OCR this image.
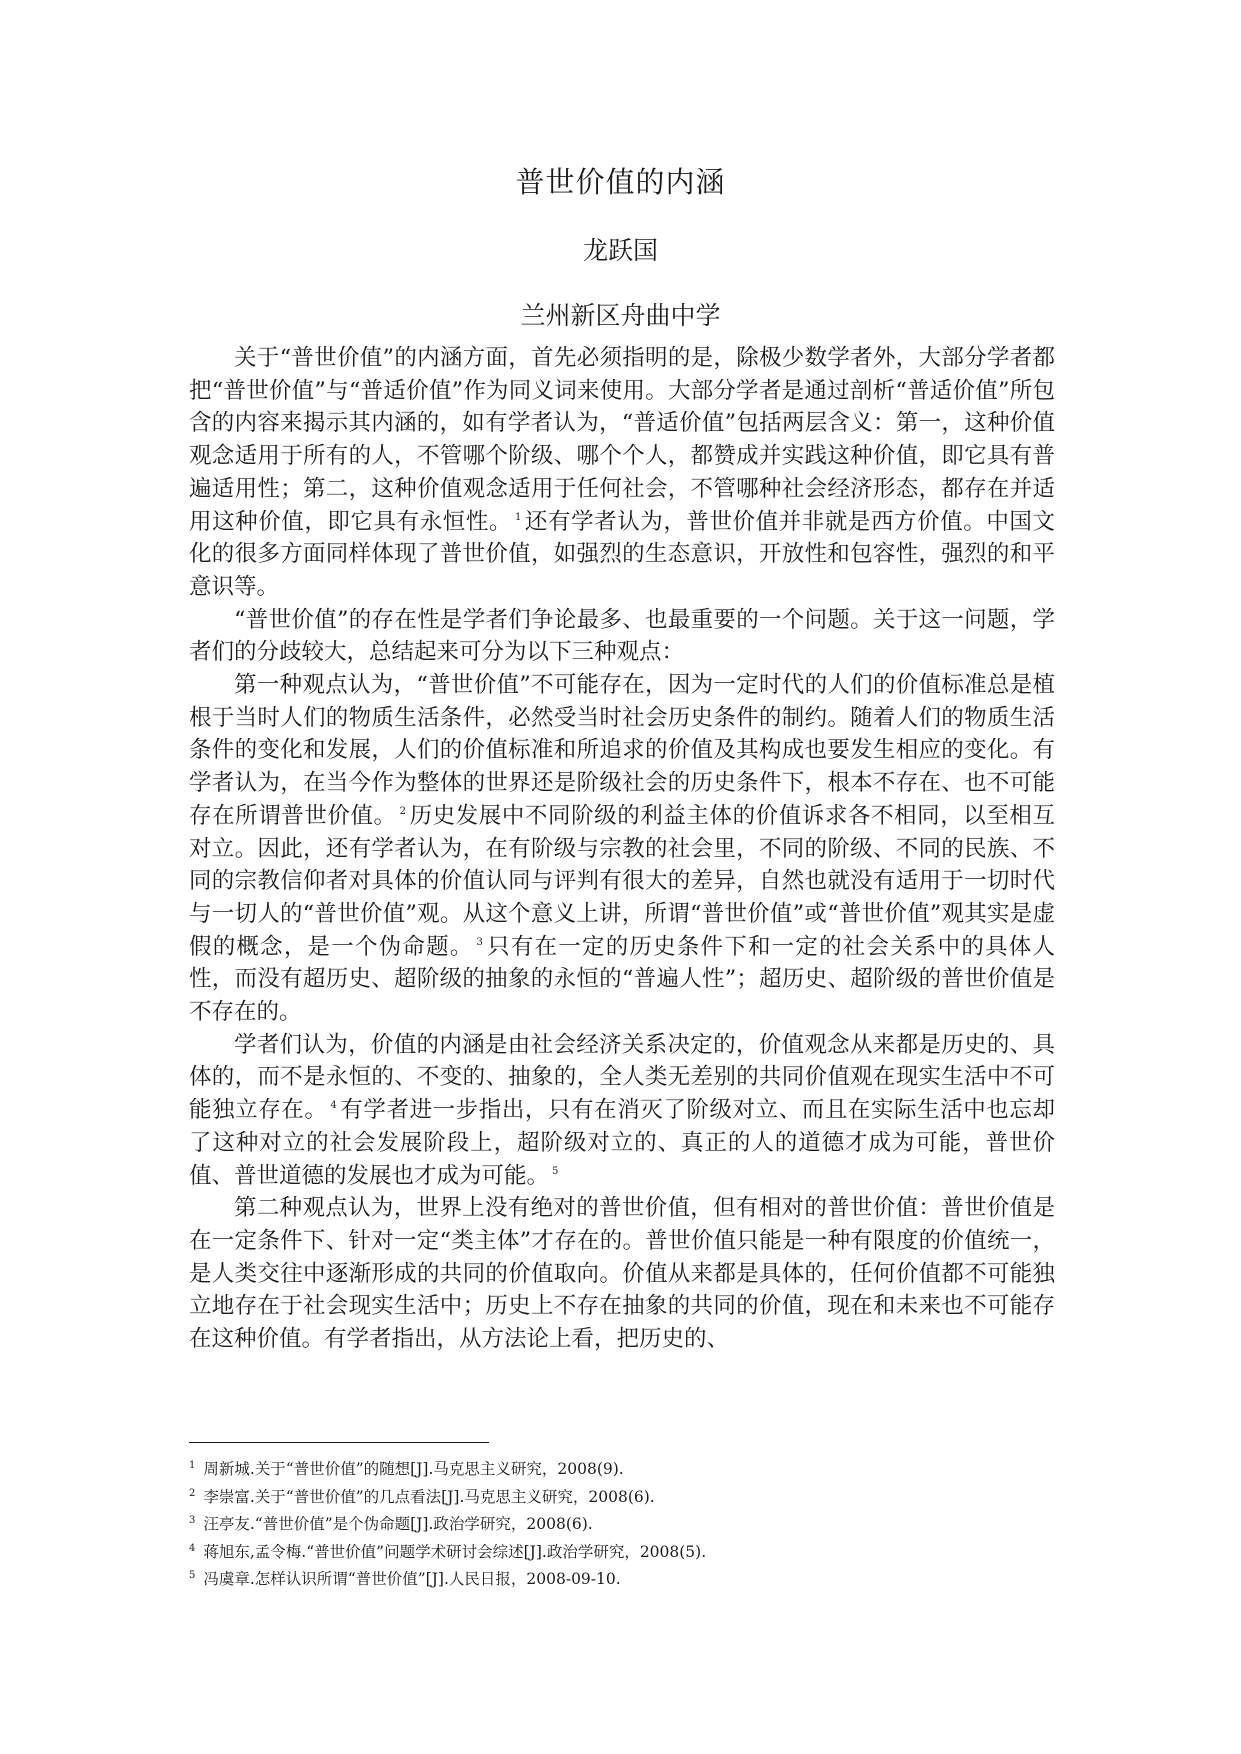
普世价值的内涵
龙跃国
兰州新区舟曲中学

关于“普世价值”的内涵方面，首先必须指明的是，除极少数学者外，大部分学者都把“普世价值”与“普适价值”作为同义词来使用。大部分学者是通过剖析“普适价值”所包含的内容来揭示其内涵的，如有学者认为，“普适价值”包括两层含义：第一，这种价值观念适用于所有的人，不管哪个阶级、哪个个人，都赞成并实践这种价值，即它具有普遍适用性；第二，这种价值观念适用于任何社会，不管哪种社会经济形态，都存在并适用这种价值，即它具有永恒性。 $^1$ 还有学者认为，普世价值并非就是西方价值。中国文化的很多方面同样体现了普世价值，如强烈的生态意识，开放性和包容性，强烈的和平意识等。

“普世价值”的存在性是学者们争论最多、也最重要的一个问题。关于这一问题，学者们的分歧较大，总结起来可分为以下三种观点：

第一种观点认为，“普世价值”不可能存在，因为一定时代的人们的价值标准总是植根于当时人们的物质生活条件，必然受当时社会历史条件的制约。随着人们的物质生活条件的变化和发展，人们的价值标准和所追求的价值及其构成也要发生相应的变化。有学者认为，在当今作为整体的世界还是阶级社会的历史条件下，根本不存在、也不可能存在所谓普世价值。 $^2$ 历史发展中不同阶级的利益主体的价值诉求各不相同，以至相互对立。因此，还有学者认为，在有阶级与宗教的社会里，不同的阶级、不同的民族、不同的宗教信仰者对具体的价值认同与评判有很大的差异，自然也就没有适用于一切时代与一切人的“普世价值”观。从这个意义上讲，所谓“普世价值”或“普世价值”观其实是虚假的概念，是一个伪命题。 $^3$ 只有在一定的历史条件下和一定的社会关系中的具体人性，而没有超历史、超阶级的抽象的永恒的“普遍人性”；超历史、超阶级的普世价值是不存在的。

学者们认为，价值的内涵是由社会经济关系决定的，价值观念从来都是历史的、具体的，而不是永恒的、不变的、抽象的，全人类无差别的共同价值观在现实生活中不可能独立存在。 $^4$ 有学者进一步指出，只有在消灭了阶级对立、而且在实际生活中也忘却了这种对立的社会发展阶段上，超阶级对立的、真正的人的道德才成为可能，普世价值、普世道德的发展也才成为可能。 $^5$

第二种观点认为，世界上没有绝对的普世价值，但有相对的普世价值：普世价值是在一定条件下、针对一定“类主体”才存在的。普世价值只能是一种有限度的价值统一，是人类交往中逐渐形成的共同的价值取向。价值从来都是具体的，任何价值都不可能独立地存在于社会现实生活中；历史上不存在抽象的共同的价值，现在和未来也不可能存在这种价值。有学者指出，从方法论上看，把历史的、

$^1$ 周新城.关于“普世价值”的随想[J].马克思主义研究，2008(9).
$^2$ 李崇富.关于“普世价值”的几点看法[J].马克思主义研究，2008(6).
$^3$ 汪亭友.“普世价值”是个伪命题[J].政治学研究，2008(6).
$^4$ 蒋旭东,孟令梅.“普世价值”问题学术研讨会综述[J].政治学研究，2008(5).
$^5$ 冯虞章.怎样认识所谓“普世价值”[J].人民日报，2008-09-10.
